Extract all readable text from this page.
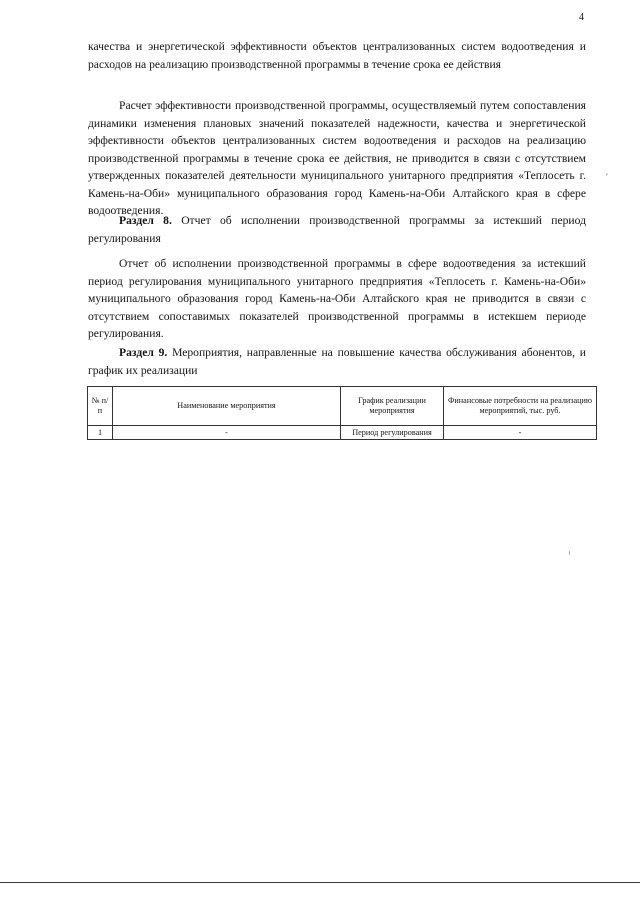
4

качества и энергетической эффективности объектов централизованных систем водоотведения и расходов на реализацию производственной программы в течение срока ее действия

Расчет эффективности производственной программы, осуществляемый путем сопоставления динамики изменения плановых значений показателей надежности, качества и энергетической эффективности объектов централизованных систем водоотведения и расходов на реализацию производственной программы в течение срока ее действия, не приводится в связи с отсутствием утвержденных показателей деятельности муниципального унитарного предприятия «Теплосеть г. Камень-на-Оби» муниципального образования город Камень-на-Оби Алтайского края в сфере водоотведения.

′

Раздел 8. Отчет об исполнении производственной программы за истекший период регулирования

Отчет об исполнении производственной программы в сфере водоотведения за истекший период регулирования муниципального унитарного предприятия «Теплосеть г. Камень-на-Оби» муниципального образования город Камень-на-Оби Алтайского края не приводится в связи с отсутствием сопоставимых показателей производственной программы в истекшем периоде регулирования.

Раздел 9. Мероприятия, направленные на повышение качества обслуживания абонентов, и график их реализации

№ п/п	Наименование мероприятия	График реализации мероприятия	Финансовые потребности на реализацию мероприятий, тыс. руб.
1	-	Период регулирования	-
